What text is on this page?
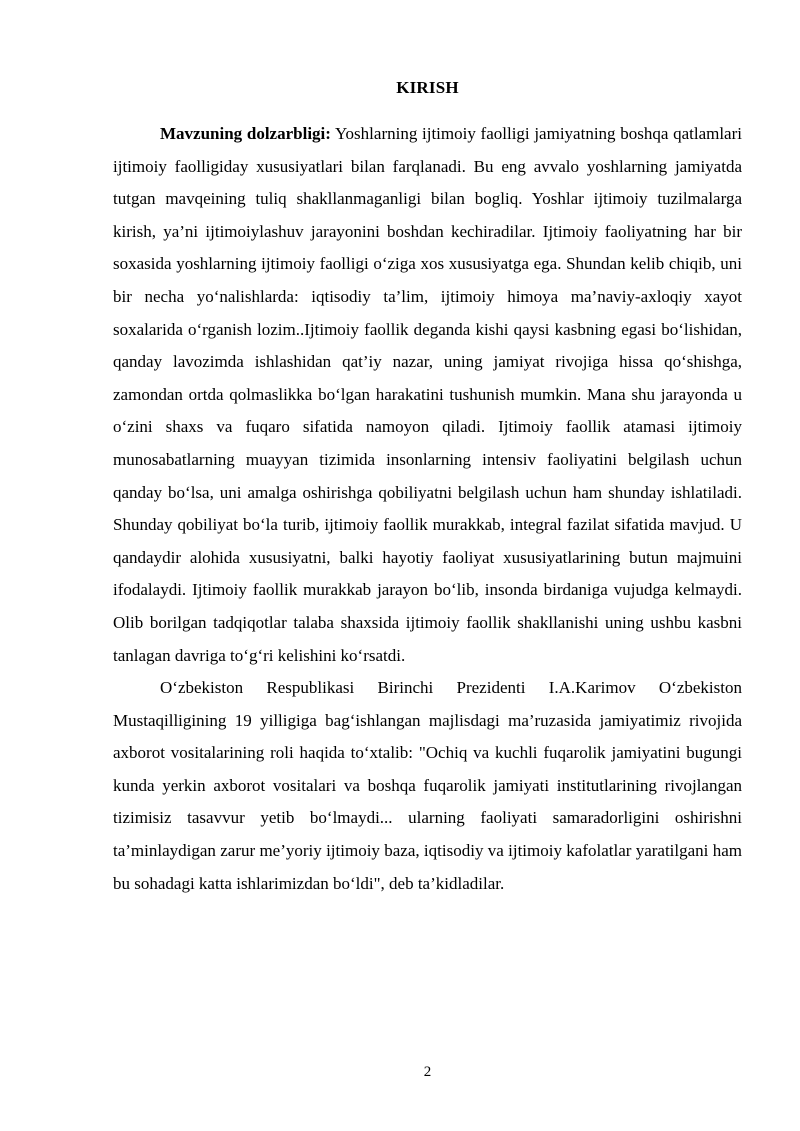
KIRISH

Mavzuning dolzarbligi: Yoshlarning ijtimoiy faolligi jamiyatning boshqa qatlamlari ijtimoiy faolligiday xususiyatlari bilan farqlanadi. Bu eng avvalo yoshlarning jamiyatda tutgan mavqeining tuliq shakllanmaganligi bilan bogliq. Yoshlar ijtimoiy tuzilmalarga kirish, ya’ni ijtimoiylashuv jarayonini boshdan kechiradilar. Ijtimoiy faoliyatning har bir soxasida yoshlarning ijtimoiy faolligi o‘ziga xos xususiyatga ega. Shundan kelib chiqib, uni bir necha yo‘nalishlarda: iqtisodiy ta’lim, ijtimoiy himoya ma’naviy-axloqiy xayot soxalarida o‘rganish lozim..Ijtimoiy faollik deganda kishi qaysi kasbning egasi bo‘lishidan, qanday lavozimda ishlashidan qat’iy nazar, uning jamiyat rivojiga hissa qo‘shishga, zamondan ortda qolmaslikka bo‘lgan harakatini tushunish mumkin. Mana shu jarayonda u o‘zini shaxs va fuqaro sifatida namoyon qiladi. Ijtimoiy faollik atamasi ijtimoiy munosabatlarning muayyan tizimida insonlarning intensiv faoliyatini belgilash uchun qanday bo‘lsa, uni amalga oshirishga qobiliyatni belgilash uchun ham shunday ishlatiladi. Shunday qobiliyat bo‘la turib, ijtimoiy faollik murakkab, integral fazilat sifatida mavjud. U qandaydir alohida xususiyatni, balki hayotiy faoliyat xususiyatlarining butun majmuini ifodalaydi. Ijtimoiy faollik murakkab jarayon bo‘lib, insonda birdaniga vujudga kelmaydi. Olib borilgan tadqiqotlar talaba shaxsida ijtimoiy faollik shakllanishi uning ushbu kasbni tanlagan davriga to‘g‘ri kelishini ko‘rsatdi.

O‘zbekiston Respublikasi Birinchi Prezidenti I.A.Karimov O‘zbekiston Mustaqilligining 19 yilligiga bag‘ishlangan majlisdagi ma’ruzasida jamiyatimiz rivojida axborot vositalarining roli haqida to‘xtalib: "Ochiq va kuchli fuqarolik jamiyatini bugungi kunda yerkin axborot vositalari va boshqa fuqarolik jamiyati institutlarining rivojlangan tizimisiz tasavvur yetib bo‘lmaydi... ularning faoliyati samaradorligini oshirishni ta’minlaydigan zarur me’yoriy ijtimoiy baza, iqtisodiy va ijtimoiy kafolatlar yaratilgani ham bu sohadagi katta ishlarimizdan bo‘ldi", deb ta’kidladilar.

2
